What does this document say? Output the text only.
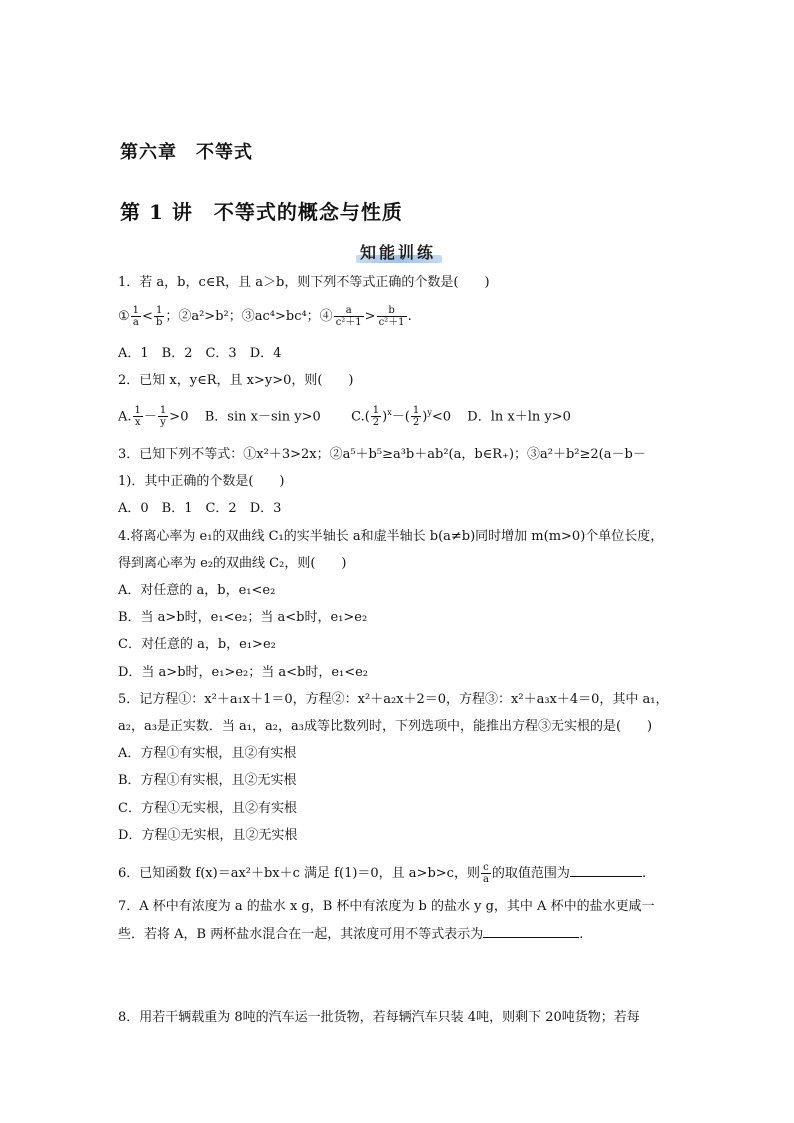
第六章　不等式
第 1 讲　不等式的概念与性质
知能训练
1．若 a，b，c∈R，且 a＞b，则下列不等式正确的个数是(　　)
① $\frac{1}{a} < \frac{1}{b}$ ；②a²>b²；③ac⁴>bc⁴；④ $\frac{a}{\text{c²＋1}} > \frac{b}{\text{c²＋1}}$ .
A．1　B．2　C．3　D．4
2．已知 x，y∈R，且 x>y>0，则(　　)
A. $\frac{1}{x} - \frac{1}{y} >0$ B．sin x－sin y>0 $C.( \frac{1}{2} )^x-( \frac{1}{2} )^y<0$ D．ln x＋ln y>0
3．已知下列不等式：①x²＋3>2x；②a⁵＋b⁵≥a³b＋ab²(a，b∈R₊)；③a²＋b²≥2(a－b－
1)．其中正确的个数是(　　)
A．0　B．1　C．2　D．3
4.将离心率为 e₁的双曲线 C₁的实半轴长 a和虚半轴长 b(a≠b)同时增加 m(m>0)个单位长度，
得到离心率为 e₂的双曲线 C₂，则(　　)
A．对任意的 a，b，e₁<e₂
B．当 a>b时，e₁<e₂；当 a<b时，e₁>e₂
C．对任意的 a，b，e₁>e₂
D．当 a>b时，e₁>e₂；当 a<b时，e₁<e₂
5．记方程①：x²＋a₁x＋1＝0，方程②：x²＋a₂x＋2＝0，方程③：x²＋a₃x＋4＝0，其中 a₁，
a₂，a₃是正实数．当 a₁，a₂，a₃成等比数列时，下列选项中，能推出方程③无实根的是(　　)
A．方程①有实根，且②有实根
B．方程①有实根，且②无实根
C．方程①无实根，且②有实根
D．方程①无实根，且②无实根
6．已知函数 f(x)＝ax²＋bx＋c 满足 f(1)＝0，且 a>b>c，则 $\frac{c}{a}$ 的取值范围为	.
7．A 杯中有浓度为 a 的盐水 x g，B 杯中有浓度为 b 的盐水 y g，其中 A 杯中的盐水更咸一
些．若将 A，B 两杯盐水混合在一起，其浓度可用不等式表示为	.
8．用若干辆载重为 8吨的汽车运一批货物，若每辆汽车只装 4吨，则剩下 20吨货物；若每
